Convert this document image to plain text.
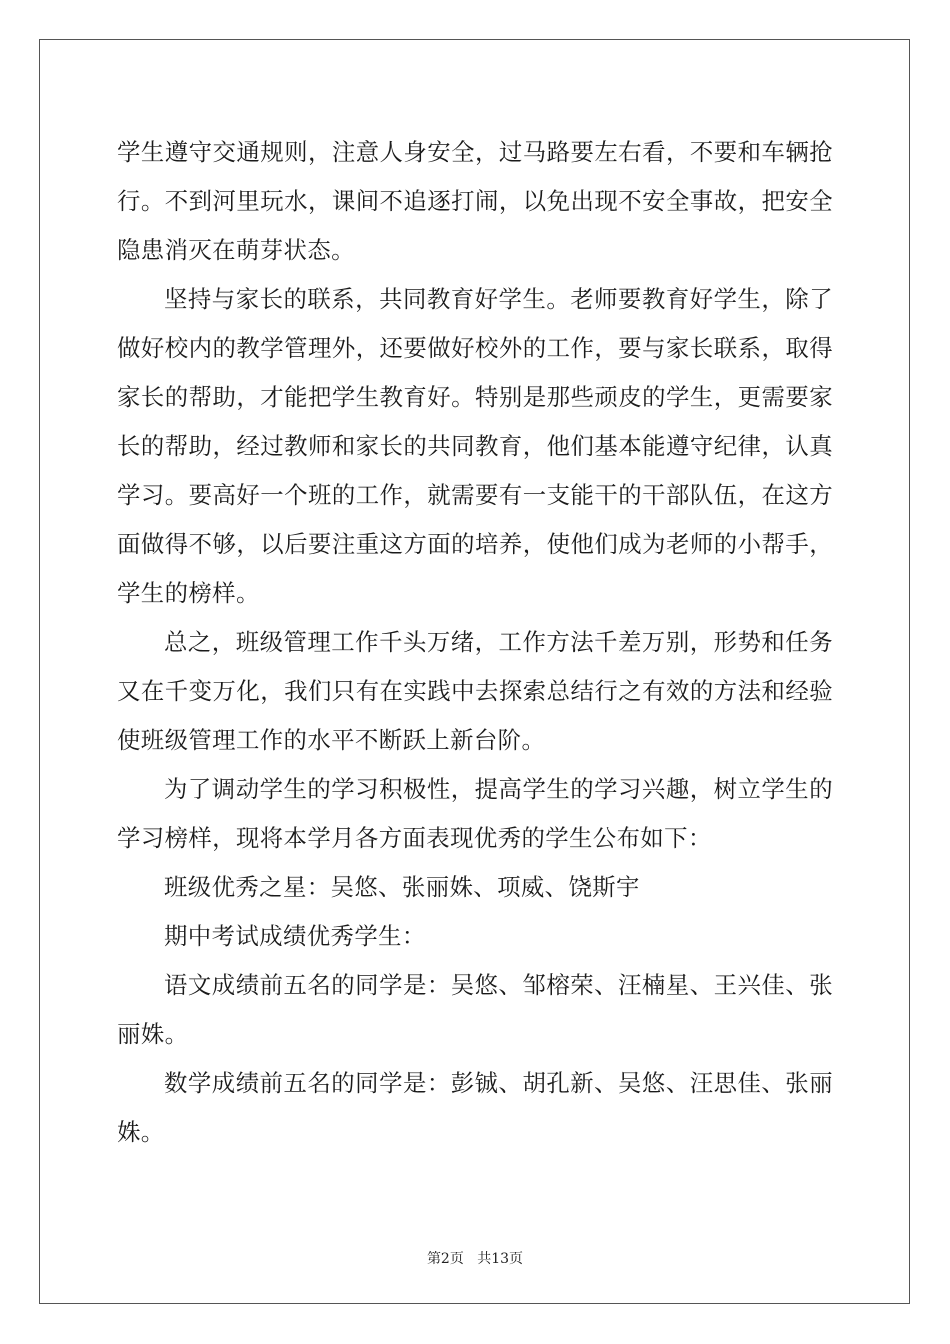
学生遵守交通规则，注意人身安全，过马路要左右看，不要和车辆抢行。不到河里玩水，课间不追逐打闹，以免出现不安全事故，把安全隐患消灭在萌芽状态。

坚持与家长的联系，共同教育好学生。老师要教育好学生，除了做好校内的教学管理外，还要做好校外的工作，要与家长联系，取得家长的帮助，才能把学生教育好。特别是那些顽皮的学生，更需要家长的帮助，经过教师和家长的共同教育，他们基本能遵守纪律，认真学习。要高好一个班的工作，就需要有一支能干的干部队伍，在这方面做得不够，以后要注重这方面的培养，使他们成为老师的小帮手，学生的榜样。

总之，班级管理工作千头万绪，工作方法千差万别，形势和任务又在千变万化，我们只有在实践中去探索总结行之有效的方法和经验使班级管理工作的水平不断跃上新台阶。

为了调动学生的学习积极性，提高学生的学习兴趣，树立学生的学习榜样，现将本学月各方面表现优秀的学生公布如下：

班级优秀之星：吴悠、张丽姝、项威、饶斯宇

期中考试成绩优秀学生：

语文成绩前五名的同学是：吴悠、邹榕荣、汪楠星、王兴佳、张丽姝。

数学成绩前五名的同学是：彭铖、胡孔新、吴悠、汪思佳、张丽姝。

第2页 共13页
